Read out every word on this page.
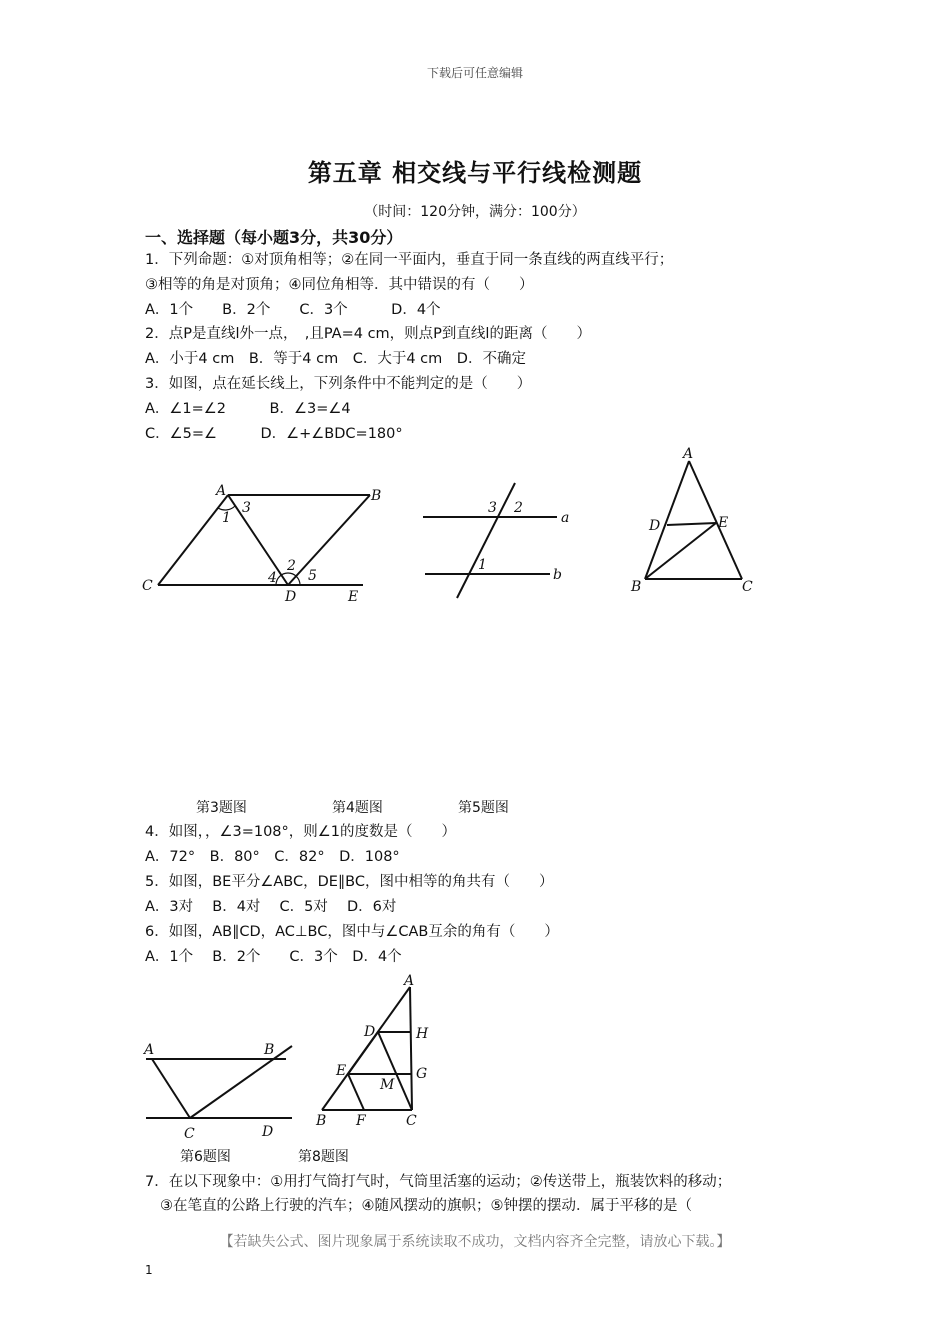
下载后可任意编辑
第五章 相交线与平行线检测题
（时间：120分钟，满分：100分）
一、选择题（每小题3分，共30分）
1．下列命题：①对顶角相等；②在同一平面内，垂直于同一条直线的两直线平行；
③相等的角是对顶角；④同位角相等．其中错误的有（　　）
A．1个　　B．2个　　C．3个　　　D．4个
2．点P是直线l外一点，　,且PA=4 cm，则点P到直线l的距离（　　）
A．小于4 cm　B．等于4 cm　C．大于4 cm　D．不确定
3．如图，点在延长线上，下列条件中不能判定的是（　　）
A．∠1=∠2　　　B．∠3=∠4
C．∠5=∠　　　D．∠+∠BDC=180°
A	B
C
D	E
1
2
3
4 5
3 2
a
1
b
A
D	E
B	C
第3题图	第4题图	第5题图
4．如图，，∠3=108°，则∠1的度数是（　　）
A．72°　B．80°　C．82°　D．108°
5．如图，BE平分∠ABC，DE∥BC，图中相等的角共有（　　）
A．3对　 B．4对　 C．5对　 D．6对
6．如图，AB∥CD，AC⊥BC，图中与∠CAB互余的角有（　　）
A．1个　 B．2个　　C．3个　D．4个
A	B
C	D
A
D	H
E	G
M
B F	C
第6题图	第8题图
7．在以下现象中：①用打气筒打气时，气筒里活塞的运动；②传送带上，瓶装饮料的移动；
③在笔直的公路上行驶的汽车；④随风摆动的旗帜；⑤钟摆的摆动．属于平移的是（
【若缺失公式、图片现象属于系统读取不成功，文档内容齐全完整，请放心下载。】
1
